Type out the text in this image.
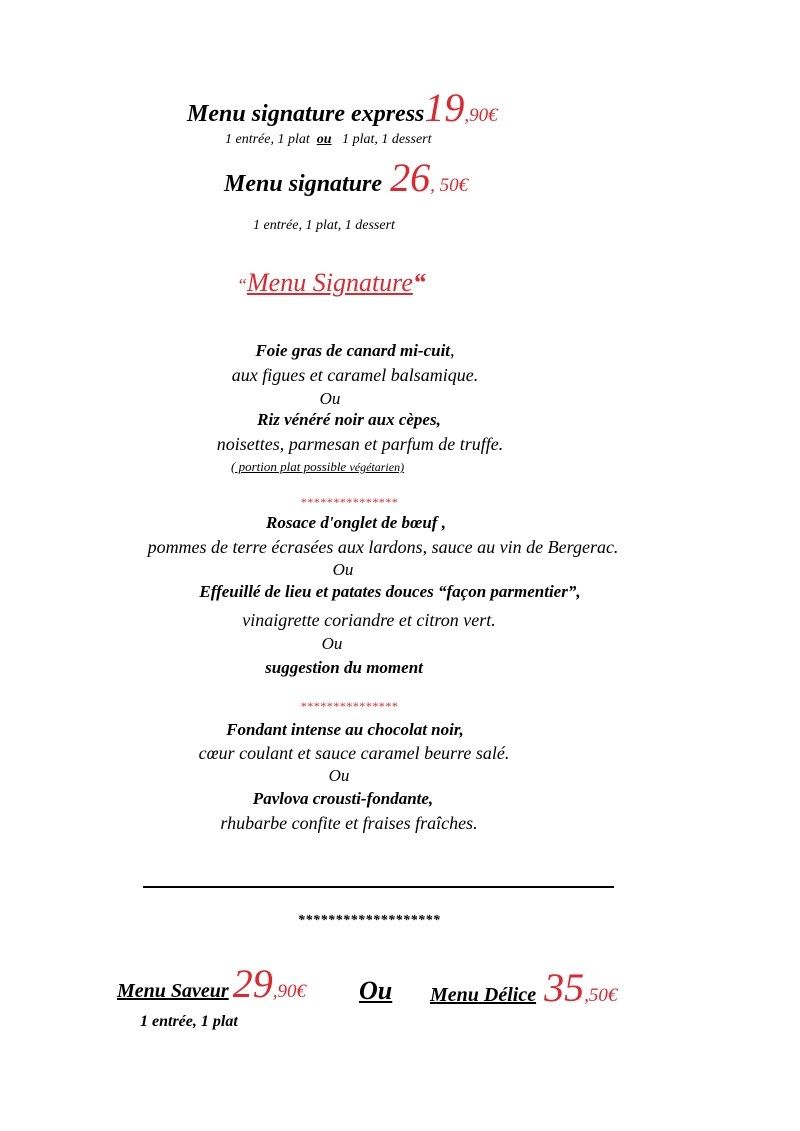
Menu signature express19,90€
1 entrée, 1 plat ou 1 plat, 1 dessert
Menu signature 26, 50€
1 entrée, 1 plat, 1 dessert
“Menu Signature“
Foie gras de canard mi-cuit,
aux figues et caramel balsamique.
Ou
Riz vénéré noir aux cèpes,
noisettes, parmesan et parfum de truffe.
( portion plat possible végétarien)
***************
Rosace d'onglet de bœuf ,
pommes de terre écrasées aux lardons, sauce au vin de Bergerac.
Ou
Effeuillé de lieu et patates douces “façon parmentier”,
vinaigrette coriandre et citron vert.
Ou
suggestion du moment
***************
Fondant intense au chocolat noir,
cœur coulant et sauce caramel beurre salé.
Ou
Pavlova crousti-fondante,
rhubarbe confite et fraises fraîches.
*******************
Menu Saveur 29,90€ Ou Menu Délice 35,50€
1 entrée, 1 plat
